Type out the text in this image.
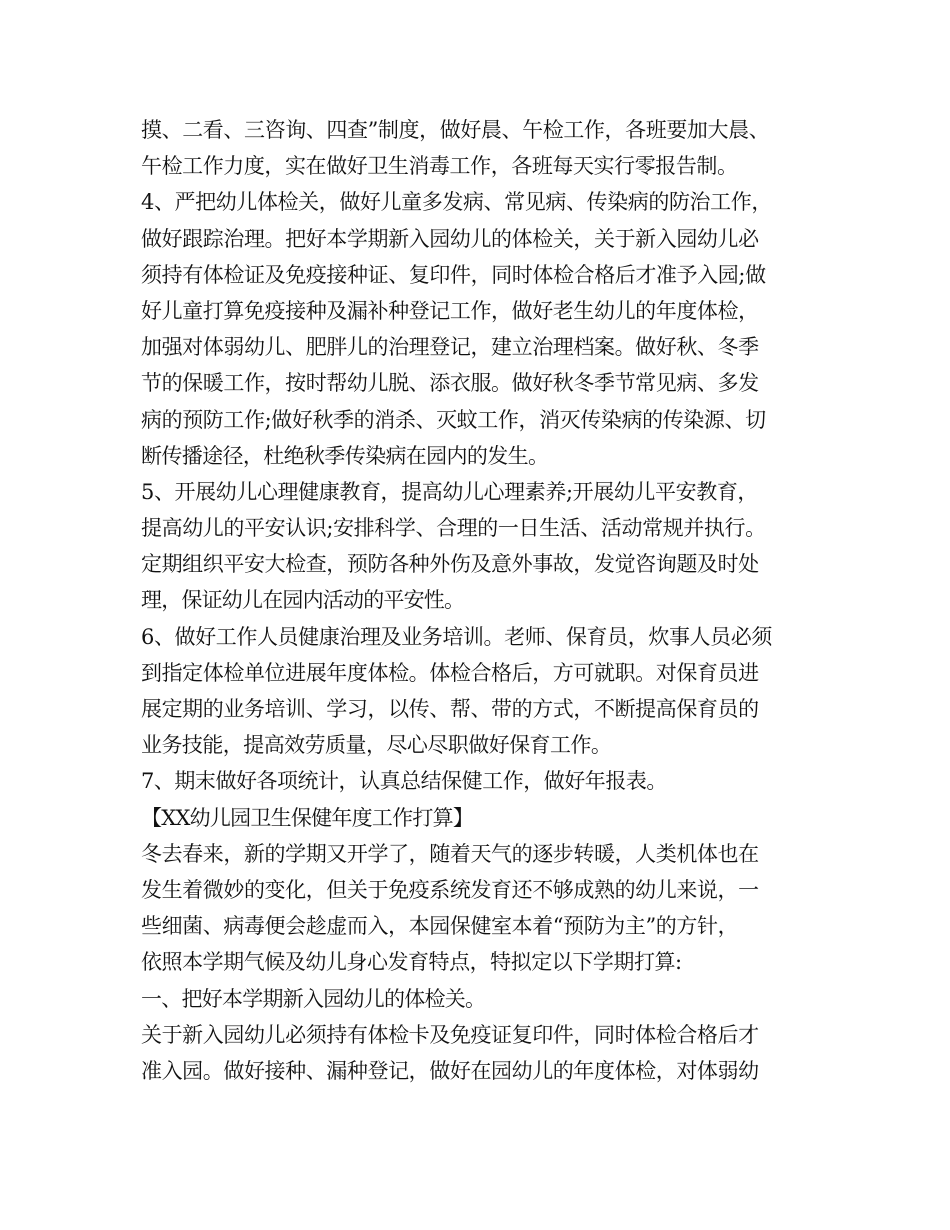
摸、二看、三咨询、四查”制度，做好晨、午检工作，各班要加大晨、
午检工作力度，实在做好卫生消毒工作，各班每天实行零报告制。
4、严把幼儿体检关，做好儿童多发病、常见病、传染病的防治工作，
做好跟踪治理。把好本学期新入园幼儿的体检关，关于新入园幼儿必
须持有体检证及免疫接种证、复印件，同时体检合格后才准予入园;做
好儿童打算免疫接种及漏补种登记工作，做好老生幼儿的年度体检，
加强对体弱幼儿、肥胖儿的治理登记，建立治理档案。做好秋、冬季
节的保暖工作，按时帮幼儿脱、添衣服。做好秋冬季节常见病、多发
病的预防工作;做好秋季的消杀、灭蚊工作，消灭传染病的传染源、切
断传播途径，杜绝秋季传染病在园内的发生。
5、开展幼儿心理健康教育，提高幼儿心理素养;开展幼儿平安教育，
提高幼儿的平安认识;安排科学、合理的一日生活、活动常规并执行。
定期组织平安大检查，预防各种外伤及意外事故，发觉咨询题及时处
理，保证幼儿在园内活动的平安性。
6、做好工作人员健康治理及业务培训。老师、保育员，炊事人员必须
到指定体检单位进展年度体检。体检合格后，方可就职。对保育员进
展定期的业务培训、学习，以传、帮、带的方式，不断提高保育员的
业务技能，提高效劳质量，尽心尽职做好保育工作。
7、期末做好各项统计，认真总结保健工作，做好年报表。
【XX幼儿园卫生保健年度工作打算】
冬去春来，新的学期又开学了，随着天气的逐步转暖，人类机体也在
发生着微妙的变化，但关于免疫系统发育还不够成熟的幼儿来说，一
些细菌、病毒便会趁虚而入，本园保健室本着“预防为主”的方针，
依照本学期气候及幼儿身心发育特点，特拟定以下学期打算:
一、把好本学期新入园幼儿的体检关。
关于新入园幼儿必须持有体检卡及免疫证复印件，同时体检合格后才
准入园。做好接种、漏种登记，做好在园幼儿的年度体检，对体弱幼
